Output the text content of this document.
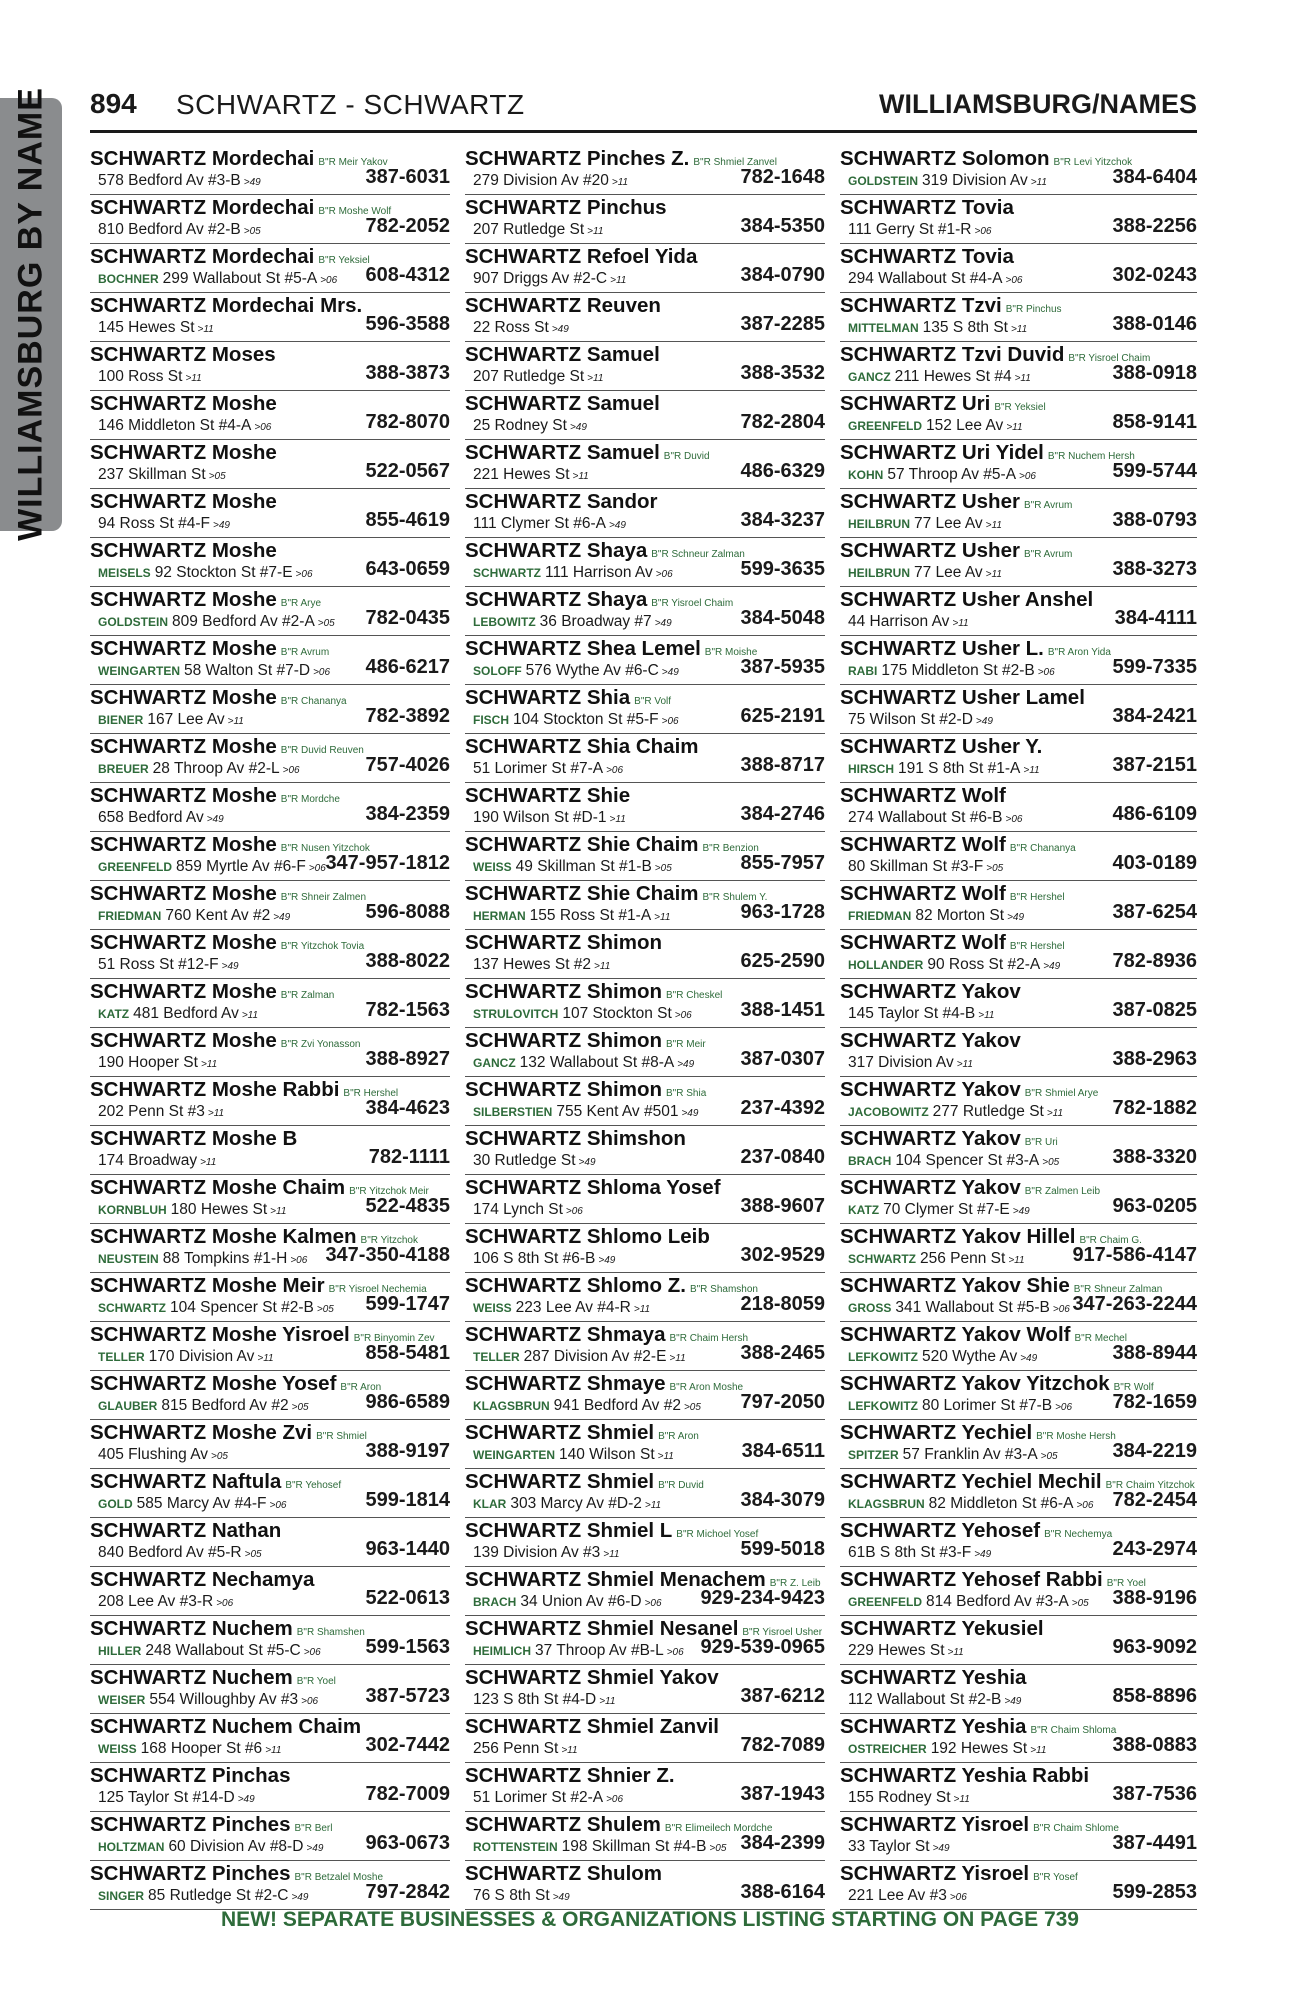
WILLIAMSBURG BY NAME 894 SCHWARTZ - SCHWARTZ	WILLIAMSBURG/NAMES
SCHWARTZ Mordechai B"R Meir Yakov
578 Bedford Av #3-B >49	387-6031
SCHWARTZ Mordechai B"R Moshe Wolf
810 Bedford Av #2-B >05	782-2052
SCHWARTZ Mordechai B"R Yeksiel
BOCHNER 299 Wallabout St #5-A >06 608-4312
SCHWARTZ Mordechai Mrs.
145 Hewes St >11	596-3588
SCHWARTZ Moses
100 Ross St >11	388-3873
SCHWARTZ Moshe
146 Middleton St #4-A >06	782-8070
SCHWARTZ Moshe
237 Skillman St >05	522-0567
SCHWARTZ Moshe
94 Ross St #4-F >49	855-4619
SCHWARTZ Moshe
MEISELS 92 Stockton St #7-E >06	643-0659
SCHWARTZ Moshe B"R Arye
GOLDSTEIN 809 Bedford Av #2-A >05 782-0435
SCHWARTZ Moshe B"R Avrum
WEINGARTEN 58 Walton St #7-D >06 486-6217
SCHWARTZ Moshe B"R Chananya
BIENER 167 Lee Av >11	782-3892
SCHWARTZ Moshe B"R Duvid Reuven
BREUER 28 Throop Av #2-L >06	757-4026
SCHWARTZ Moshe B"R Mordche
658 Bedford Av >49	384-2359
SCHWARTZ Moshe B"R Nusen Yitzchok
GREENFELD 859 Myrtle Av #6-F >06 347-957-1812
SCHWARTZ Moshe B"R Shneir Zalmen
FRIEDMAN 760 Kent Av #2 >49	596-8088
SCHWARTZ Moshe B"R Yitzchok Tovia
51 Ross St #12-F >49	388-8022
SCHWARTZ Moshe B"R Zalman
KATZ 481 Bedford Av >11	782-1563
SCHWARTZ Moshe B"R Zvi Yonasson
190 Hooper St >11	388-8927
SCHWARTZ Moshe Rabbi B"R Hershel
202 Penn St #3 >11	384-4623
SCHWARTZ Moshe B
174 Broadway >11	782-1111
SCHWARTZ Moshe Chaim B"R Yitzchok Meir
KORNBLUH 180 Hewes St >11	522-4835
SCHWARTZ Moshe Kalmen B"R Yitzchok
NEUSTEIN 88 Tompkins #1-H >06 347-350-4188
SCHWARTZ Moshe Meir B"R Yisroel Nechemia
SCHWARTZ 104 Spencer St #2-B >05 599-1747
SCHWARTZ Moshe Yisroel B"R Binyomin Zev
TELLER 170 Division Av >11	858-5481
SCHWARTZ Moshe Yosef B"R Aron
GLAUBER 815 Bedford Av #2 >05	986-6589
SCHWARTZ Moshe Zvi B"R Shmiel
405 Flushing Av >05	388-9197
SCHWARTZ Naftula B"R Yehosef
GOLD 585 Marcy Av #4-F >06	599-1814
SCHWARTZ Nathan
840 Bedford Av #5-R >05	963-1440
SCHWARTZ Nechamya
208 Lee Av #3-R >06	522-0613
SCHWARTZ Nuchem B"R Shamshen
HILLER 248 Wallabout St #5-C >06 599-1563
SCHWARTZ Nuchem B"R Yoel
WEISER 554 Willoughby Av #3 >06 387-5723
SCHWARTZ Nuchem Chaim
WEISS 168 Hooper St #6 >11	302-7442
SCHWARTZ Pinchas
125 Taylor St #14-D >49	782-7009
SCHWARTZ Pinches B"R Berl
HOLTZMAN 60 Division Av #8-D >49 963-0673
SCHWARTZ Pinches B"R Betzalel Moshe
SINGER 85 Rutledge St #2-C >49	797-2842
SCHWARTZ Pinches Z. B"R Shmiel Zanvel
279 Division Av #20 >11	782-1648
SCHWARTZ Pinchus
207 Rutledge St >11	384-5350
SCHWARTZ Refoel Yida
907 Driggs Av #2-C >11	384-0790
SCHWARTZ Reuven
22 Ross St >49	387-2285
SCHWARTZ Samuel
207 Rutledge St >11	388-3532
SCHWARTZ Samuel
25 Rodney St >49	782-2804
SCHWARTZ Samuel B"R Duvid
221 Hewes St >11	486-6329
SCHWARTZ Sandor
111 Clymer St #6-A >49	384-3237
SCHWARTZ Shaya B"R Schneur Zalman
SCHWARTZ 111 Harrison Av >06	599-3635
SCHWARTZ Shaya B"R Yisroel Chaim
LEBOWITZ 36 Broadway #7 >49	384-5048
SCHWARTZ Shea Lemel B"R Moishe
SOLOFF 576 Wythe Av #6-C >49	387-5935
SCHWARTZ Shia B"R Volf
FISCH 104 Stockton St #5-F >06	625-2191
SCHWARTZ Shia Chaim
51 Lorimer St #7-A >06	388-8717
SCHWARTZ Shie
190 Wilson St #D-1 >11	384-2746
SCHWARTZ Shie Chaim B"R Benzion
WEISS 49 Skillman St #1-B >05	855-7957
SCHWARTZ Shie Chaim B"R Shulem Y.
HERMAN 155 Ross St #1-A >11	963-1728
SCHWARTZ Shimon
137 Hewes St #2 >11	625-2590
SCHWARTZ Shimon B"R Cheskel
STRULOVITCH 107 Stockton St >06 388-1451
SCHWARTZ Shimon B"R Meir
GANCZ 132 Wallabout St #8-A >49 387-0307
SCHWARTZ Shimon B"R Shia
SILBERSTIEN 755 Kent Av #501 >49 237-4392
SCHWARTZ Shimshon
30 Rutledge St >49	237-0840
SCHWARTZ Shloma Yosef
174 Lynch St >06	388-9607
SCHWARTZ Shlomo Leib
106 S 8th St #6-B >49	302-9529
SCHWARTZ Shlomo Z. B"R Shamshon
WEISS 223 Lee Av #4-R >11	218-8059
SCHWARTZ Shmaya B"R Chaim Hersh
TELLER 287 Division Av #2-E >11	388-2465
SCHWARTZ Shmaye B"R Aron Moshe
KLAGSBRUN 941 Bedford Av #2 >05 797-2050
SCHWARTZ Shmiel B"R Aron
WEINGARTEN 140 Wilson St >11	384-6511
SCHWARTZ Shmiel B"R Duvid
KLAR 303 Marcy Av #D-2 >11	384-3079
SCHWARTZ Shmiel L B"R Michoel Yosef
139 Division Av #3 >11	599-5018
SCHWARTZ Shmiel Menachem B"R Z. Leib
BRACH 34 Union Av #6-D >06 929-234-9423
SCHWARTZ Shmiel Nesanel B"R Yisroel Usher
HEIMLICH 37 Throop Av #B-L >06 929-539-0965
SCHWARTZ Shmiel Yakov
123 S 8th St #4-D >11	387-6212
SCHWARTZ Shmiel Zanvil
256 Penn St >11	782-7089
SCHWARTZ Shnier Z.
51 Lorimer St #2-A >06	387-1943
SCHWARTZ Shulem B"R Elimeilech Mordche
ROTTENSTEIN 198 Skillman St #4-B >05 384-2399
SCHWARTZ Shulom
76 S 8th St >49	388-6164
SCHWARTZ Solomon B"R Levi Yitzchok
GOLDSTEIN 319 Division Av >11	384-6404
SCHWARTZ Tovia
111 Gerry St #1-R >06	388-2256
SCHWARTZ Tovia
294 Wallabout St #4-A >06	302-0243
SCHWARTZ Tzvi B"R Pinchus
MITTELMAN 135 S 8th St >11	388-0146
SCHWARTZ Tzvi Duvid B"R Yisroel Chaim
GANCZ 211 Hewes St #4 >11	388-0918
SCHWARTZ Uri B"R Yeksiel
GREENFELD 152 Lee Av >11	858-9141
SCHWARTZ Uri Yidel B"R Nuchem Hersh
KOHN 57 Throop Av #5-A >06	599-5744
SCHWARTZ Usher B"R Avrum
HEILBRUN 77 Lee Av >11	388-0793
SCHWARTZ Usher B"R Avrum
HEILBRUN 77 Lee Av >11	388-3273
SCHWARTZ Usher Anshel
44 Harrison Av >11	384-4111
SCHWARTZ Usher L. B"R Aron Yida
RABI 175 Middleton St #2-B >06	599-7335
SCHWARTZ Usher Lamel
75 Wilson St #2-D >49	384-2421
SCHWARTZ Usher Y.
HIRSCH 191 S 8th St #1-A >11	387-2151
SCHWARTZ Wolf
274 Wallabout St #6-B >06	486-6109
SCHWARTZ Wolf B"R Chananya
80 Skillman St #3-F >05	403-0189
SCHWARTZ Wolf B"R Hershel
FRIEDMAN 82 Morton St >49	387-6254
SCHWARTZ Wolf B"R Hershel
HOLLANDER 90 Ross St #2-A >49	782-8936
SCHWARTZ Yakov
145 Taylor St #4-B >11	387-0825
SCHWARTZ Yakov
317 Division Av >11	388-2963
SCHWARTZ Yakov B"R Shmiel Arye
JACOBOWITZ 277 Rutledge St >11 782-1882
SCHWARTZ Yakov B"R Uri
BRACH 104 Spencer St #3-A >05	388-3320
SCHWARTZ Yakov B"R Zalmen Leib
KATZ 70 Clymer St #7-E >49	963-0205
SCHWARTZ Yakov Hillel B"R Chaim G.
SCHWARTZ 256 Penn St >11 917-586-4147
SCHWARTZ Yakov Shie B"R Shneur Zalman
GROSS 341 Wallabout St #5-B >06 347-263-2244
SCHWARTZ Yakov Wolf B"R Mechel
LEFKOWITZ 520 Wythe Av >49	388-8944
SCHWARTZ Yakov Yitzchok B"R Wolf
LEFKOWITZ 80 Lorimer St #7-B >06 782-1659
SCHWARTZ Yechiel B"R Moshe Hersh
SPITZER 57 Franklin Av #3-A >05	384-2219
SCHWARTZ Yechiel Mechil B"R Chaim Yitzchok
KLAGSBRUN 82 Middleton St #6-A >06 782-2454
SCHWARTZ Yehosef B"R Nechemya
61B S 8th St #3-F >49	243-2974
SCHWARTZ Yehosef Rabbi B"R Yoel
GREENFELD 814 Bedford Av #3-A >05 388-9196
SCHWARTZ Yekusiel
229 Hewes St >11	963-9092
SCHWARTZ Yeshia
112 Wallabout St #2-B >49	858-8896
SCHWARTZ Yeshia B"R Chaim Shloma
OSTREICHER 192 Hewes St >11	388-0883
SCHWARTZ Yeshia Rabbi
155 Rodney St >11	387-7536
SCHWARTZ Yisroel B"R Chaim Shlome
33 Taylor St >49	387-4491
SCHWARTZ Yisroel B"R Yosef
221 Lee Av #3 >06	599-2853
NEW! SEPARATE BUSINESSES & ORGANIZATIONS LISTING STARTING ON PAGE 739
